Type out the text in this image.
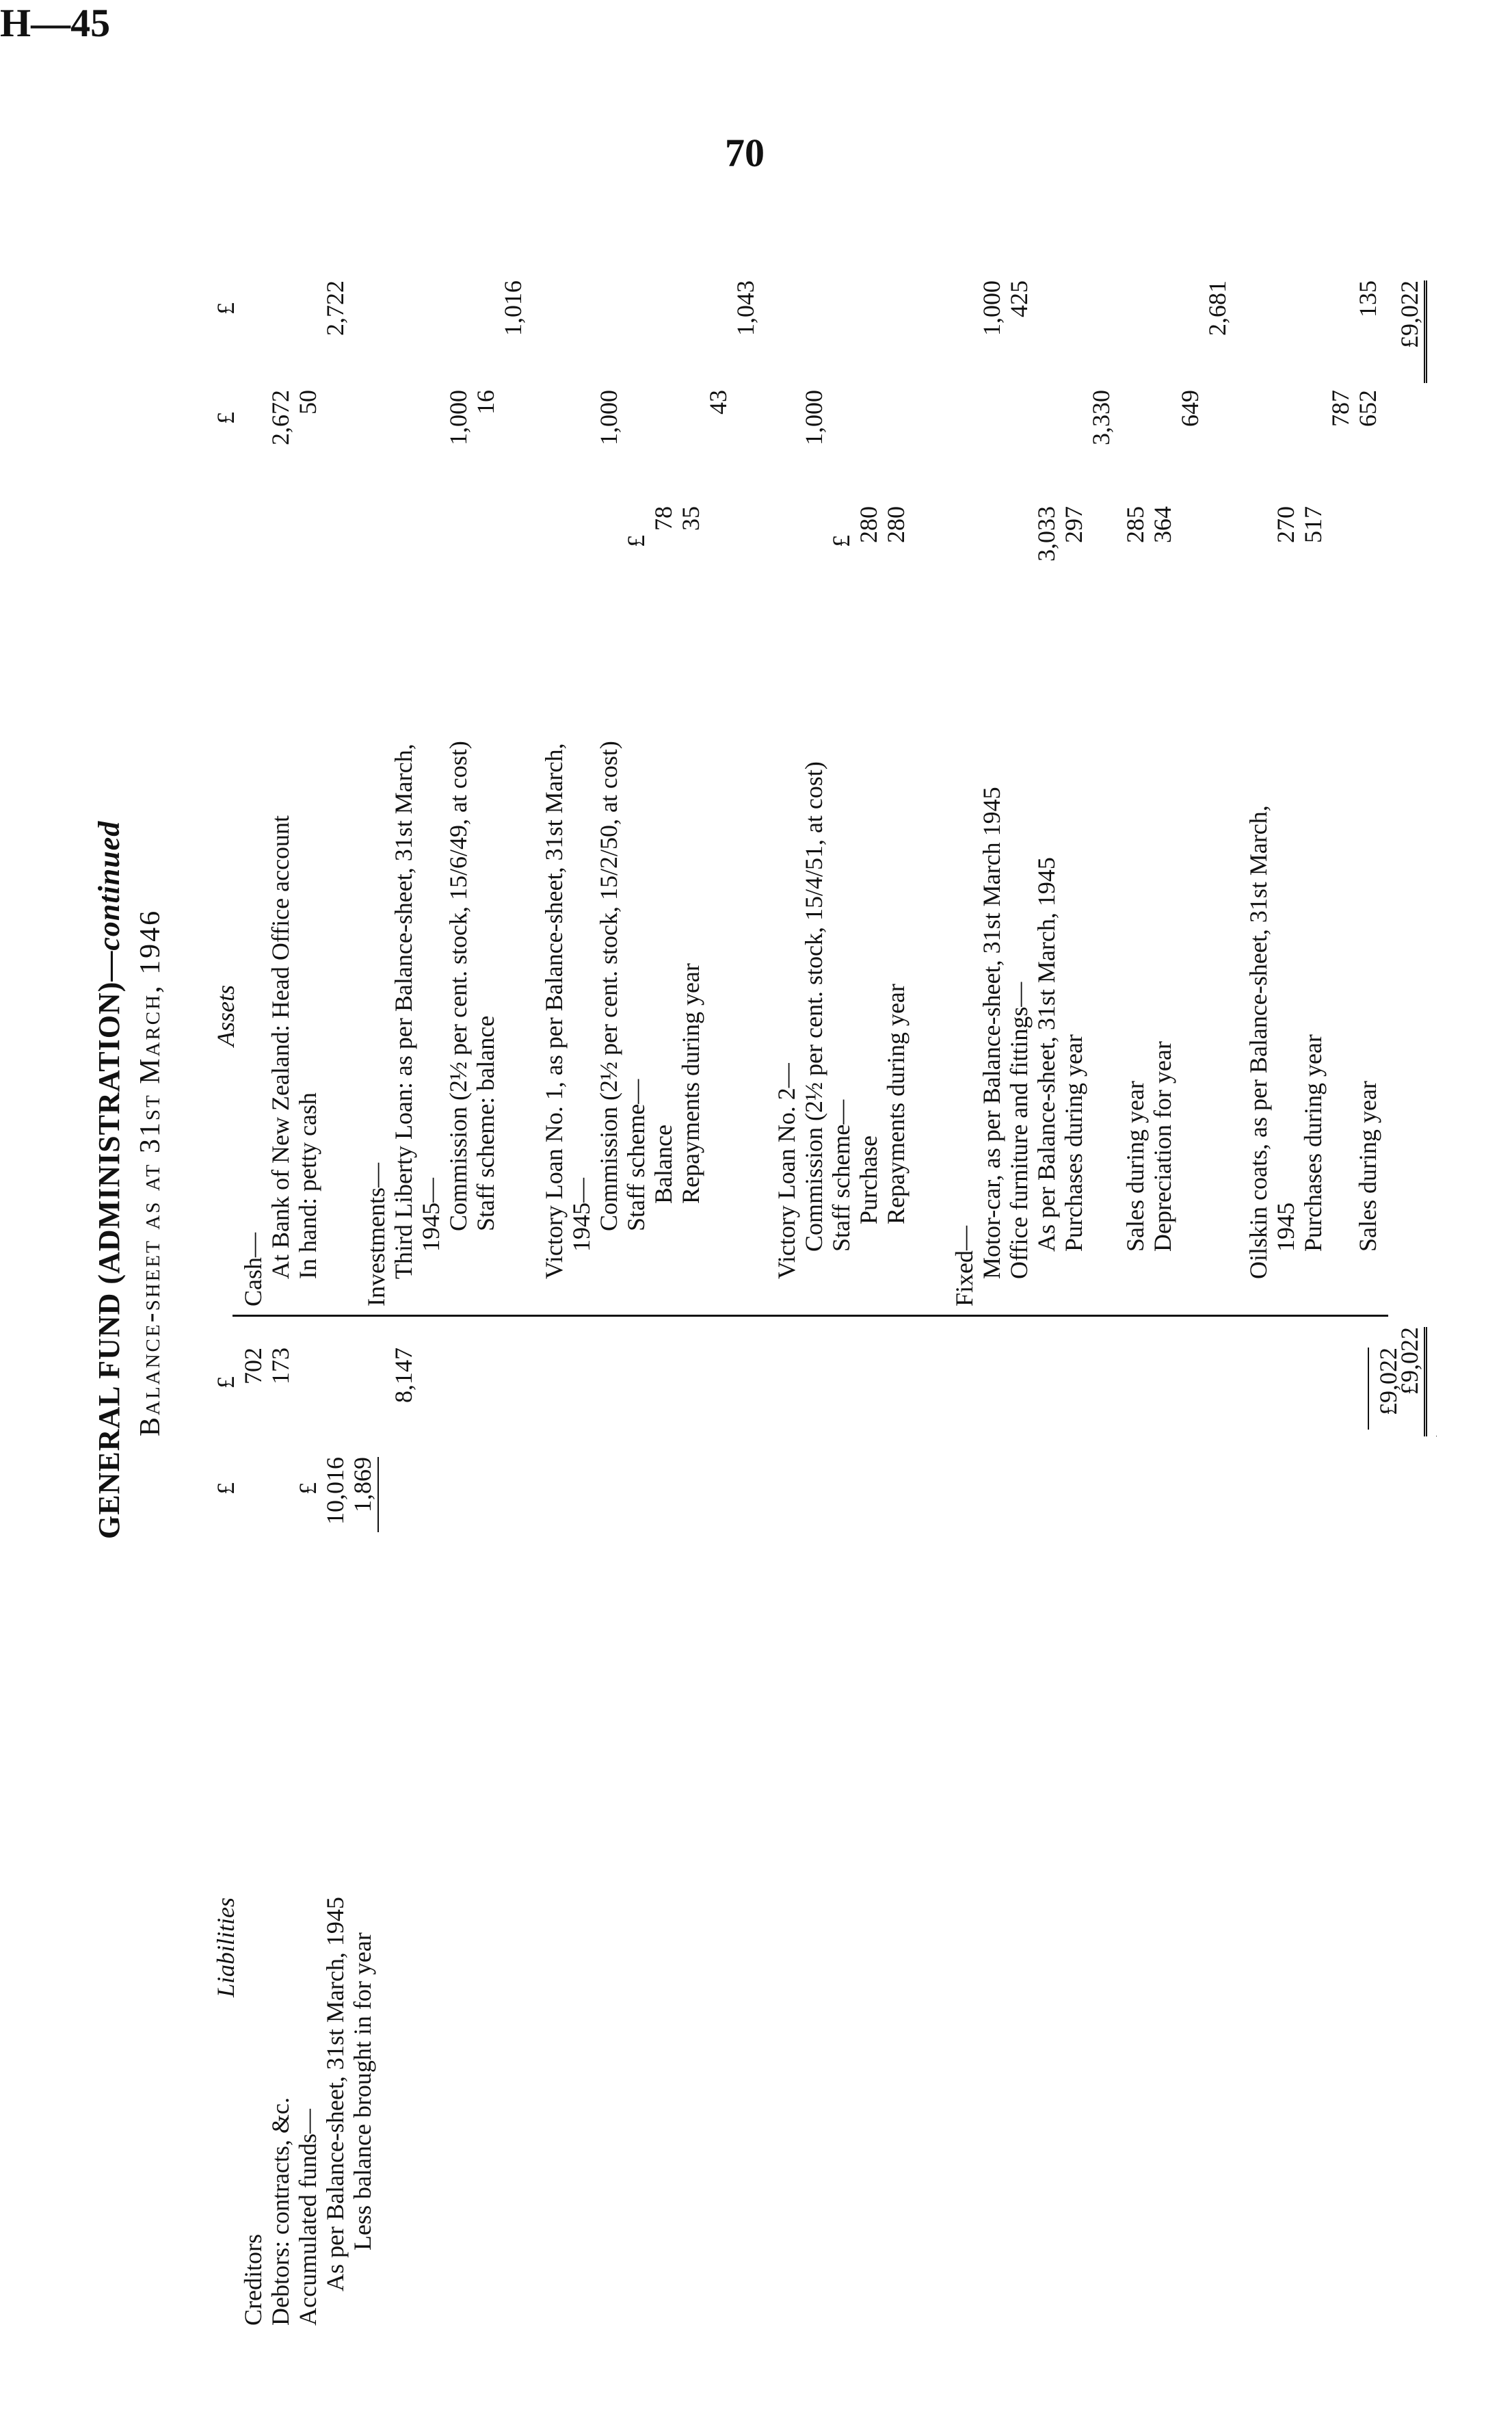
H—45
70
GENERAL FUND (ADMINISTRATION)—continued
Balance-sheet as at 31st March, 1946
Liabilities
£
£
Creditors
702
Debtors: contracts, &c.
173
Accumulated funds—
£
As per Balance-sheet, 31st March, 1945
10,016
Less balance brought in for year
1,869
8,147	£9,022
Assets
£
£
Cash— At Bank of New Zealand: Head Office account
2,672
In hand: petty cash
50
2,722
Investments— Third Liberty Loan: as per Balance-sheet, 31st March, 1945— Commission (2½ per cent. stock, 15/6/49, at cost)
1,000
Staff scheme: balance
16
1,016
Victory Loan No. 1, as per Balance-sheet, 31st March, 1945— Commission (2½ per cent. stock, 15/2/50, at cost)
1,000
Staff scheme—
£
Balance
78
Repayments during year
35
43
1,043
Victory Loan No. 2— Commission (2½ per cent. stock, 15/4/51, at cost)
1,000
Staff scheme—
£
Purchase
280
Repayments during year
280
Fixed— Motor-car, as per Balance-sheet, 31st March 1945
1,000
Office furniture and fittings—
425
As per Balance-sheet, 31st March, 1945
3,033
Purchases during year
297
3,330
Sales during year
285
Depreciation for year
364
649
2,681
Oilskin coats, as per Balance-sheet, 31st March, 1945
270
Purchases during year
517
787
Sales during year
652
135
£9,022
£9,022
